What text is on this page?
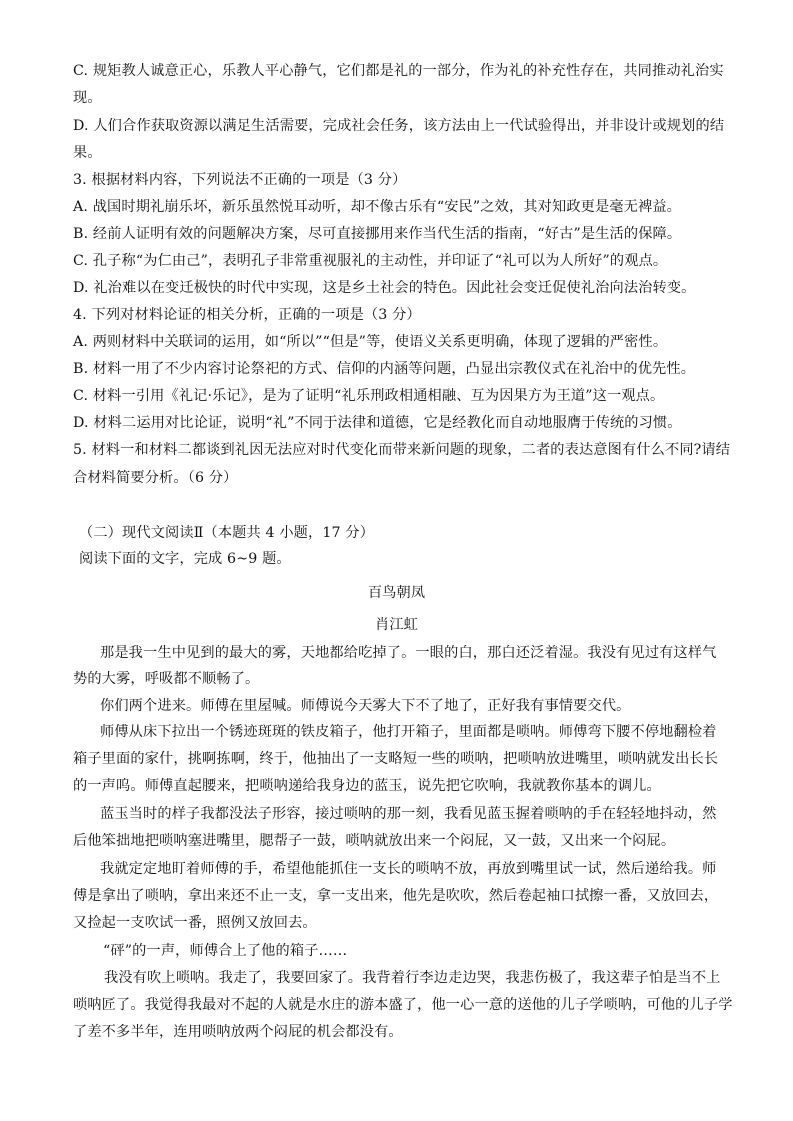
C. 规矩教人诚意正心，乐教人平心静气，它们都是礼的一部分，作为礼的补充性存在，共同推动礼治实
现。
D. 人们合作获取资源以满足生活需要，完成社会任务，该方法由上一代试验得出，并非设计或规划的结
果。
3. 根据材料内容，下列说法不正确的一项是（3 分）
A. 战国时期礼崩乐坏，新乐虽然悦耳动听，却不像古乐有“安民”之效，其对知政更是毫无裨益。
B. 经前人证明有效的问题解决方案，尽可直接挪用来作当代生活的指南，“好古”是生活的保障。
C. 孔子称“为仁由己”，表明孔子非常重视服礼的主动性，并印证了“礼可以为人所好”的观点。
D. 礼治难以在变迁极快的时代中实现，这是乡土社会的特色。因此社会变迁促使礼治向法治转变。
4. 下列对材料论证的相关分析，正确的一项是（3 分）
A. 两则材料中关联词的运用，如“所以”“但是”等，使语义关系更明确，体现了逻辑的严密性。
B. 材料一用了不少内容讨论祭祀的方式、信仰的内涵等问题，凸显出宗教仪式在礼治中的优先性。
C. 材料一引用《礼记·乐记》，是为了证明“礼乐刑政相通相融、互为因果方为王道”这一观点。
D. 材料二运用对比论证，说明“礼”不同于法律和道德，它是经教化而自动地服膺于传统的习惯。
5. 材料一和材料二都谈到礼因无法应对时代变化而带来新问题的现象，二者的表达意图有什么不同?请结
合材料简要分析。（6 分）
（二）现代文阅读Ⅱ（本题共 4 小题，17 分）
阅读下面的文字，完成 6~9 题。
百鸟朝凤
肖江虹
那是我一生中见到的最大的雾，天地都给吃掉了。一眼的白，那白还泛着湿。我没有见过有这样气
势的大雾，呼吸都不顺畅了。
你们两个进来。师傅在里屋喊。师傅说今天雾大下不了地了，正好我有事情要交代。
师傅从床下拉出一个锈迹斑斑的铁皮箱子，他打开箱子，里面都是唢呐。师傅弯下腰不停地翻检着
箱子里面的家什，挑啊拣啊，终于，他抽出了一支略短一些的唢呐，把唢呐放进嘴里，唢呐就发出长长
的一声呜。师傅直起腰来，把唢呐递给我身边的蓝玉，说先把它吹响，我就教你基本的调儿。
蓝玉当时的样子我都没法子形容，接过唢呐的那一刻，我看见蓝玉握着唢呐的手在轻轻地抖动，然
后他笨拙地把唢呐塞进嘴里，腮帮子一鼓，唢呐就放出来一个闷屁，又一鼓，又出来一个闷屁。
我就定定地盯着师傅的手，希望他能抓住一支长的唢呐不放，再放到嘴里试一试，然后递给我。师
傅是拿出了唢呐，拿出来还不止一支，拿一支出来，他先是吹吹，然后卷起袖口拭擦一番，又放回去，
又捡起一支吹试一番，照例又放回去。
“砰”的一声，师傅合上了他的箱子……
我没有吹上唢呐。我走了，我要回家了。我背着行李边走边哭，我悲伤极了，我这辈子怕是当不上
唢呐匠了。我觉得我最对不起的人就是水庄的游本盛了，他一心一意的送他的儿子学唢呐，可他的儿子学
了差不多半年，连用唢呐放两个闷屁的机会都没有。
